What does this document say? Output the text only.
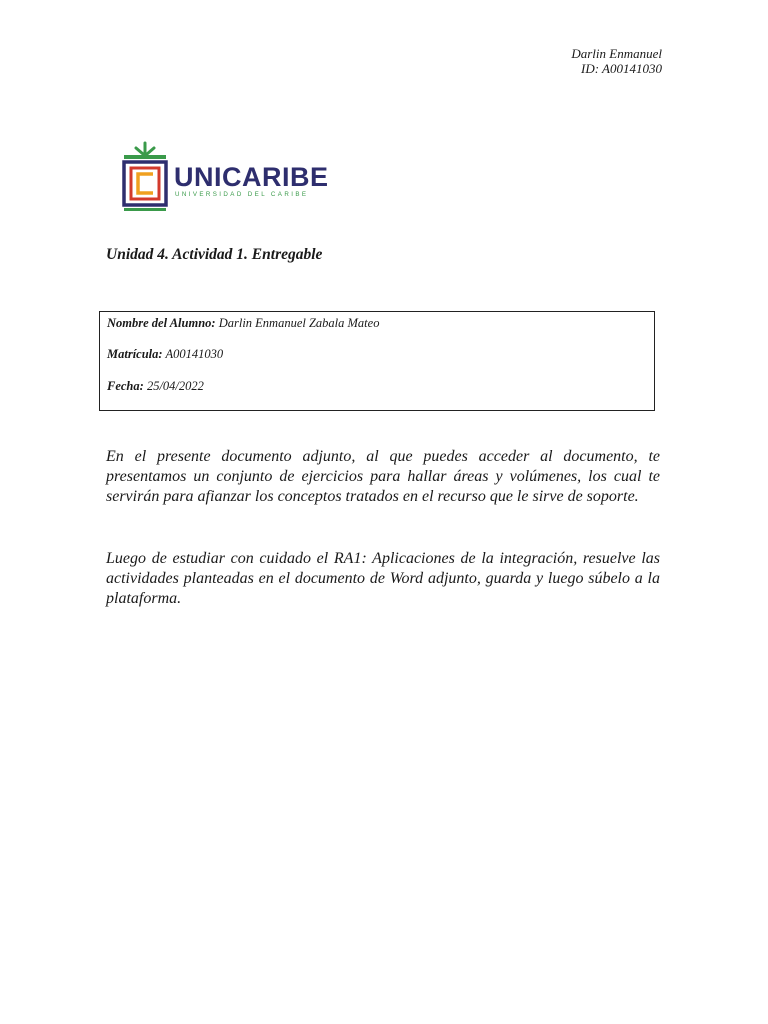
Darlin Enmanuel
ID: A00141030
UNICARIBE
UNIVERSIDAD DEL CARIBE
Unidad 4. Actividad 1. Entregable
Nombre del Alumno: Darlin Enmanuel Zabala Mateo
Matrícula: A00141030
Fecha: 25/04/2022
En el presente documento adjunto, al que puedes acceder al documento, te presentamos un conjunto de ejercicios para hallar áreas y volúmenes, los cual te servirán para afianzar los conceptos tratados en el recurso que le sirve de soporte.
Luego de estudiar con cuidado el RA1: Aplicaciones de la integración, resuelve las actividades planteadas en el documento de Word adjunto, guarda y luego súbelo a la plataforma.
